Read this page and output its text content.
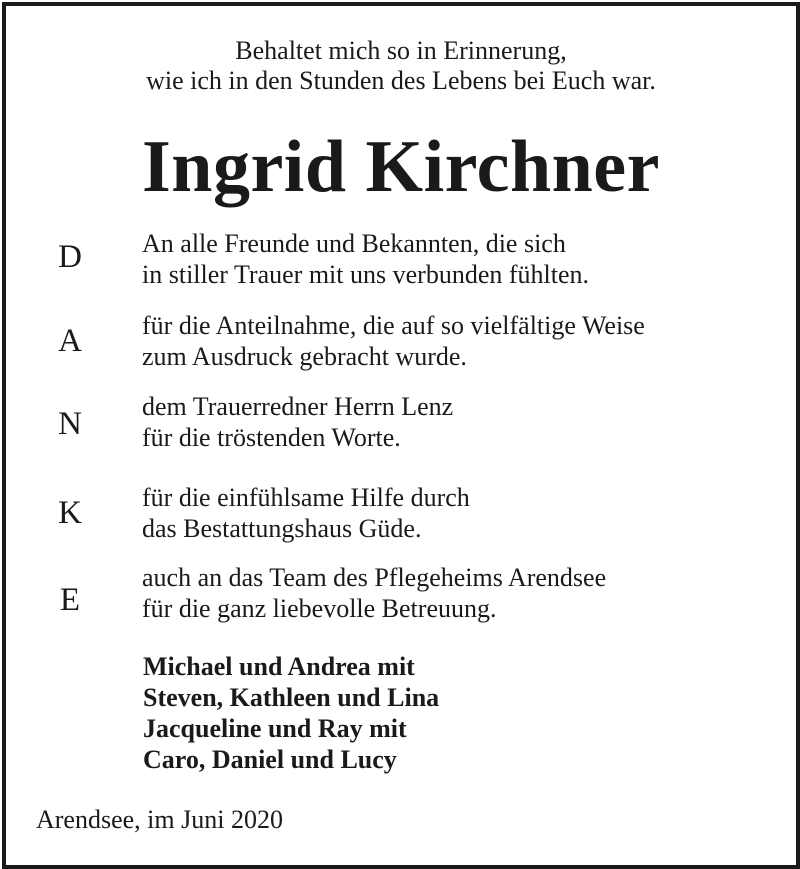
Behaltet mich so in Erinnerung,
wie ich in den Stunden des Lebens bei Euch war.
Ingrid Kirchner
D	An alle Freunde und Bekannten, die sich
in stiller Trauer mit uns verbunden fühlten.
A	für die Anteilnahme, die auf so vielfältige Weise
zum Ausdruck gebracht wurde.
N	dem Trauerredner Herrn Lenz
für die tröstenden Worte.
K	für die einfühlsame Hilfe durch
das Bestattungshaus Güde.
E
auch an das Team des Pflegeheims Arendsee
für die ganz liebevolle Betreuung.
Michael und Andrea mit
Steven, Kathleen und Lina
Jacqueline und Ray mit
Caro, Daniel und Lucy
Arendsee, im Juni 2020
